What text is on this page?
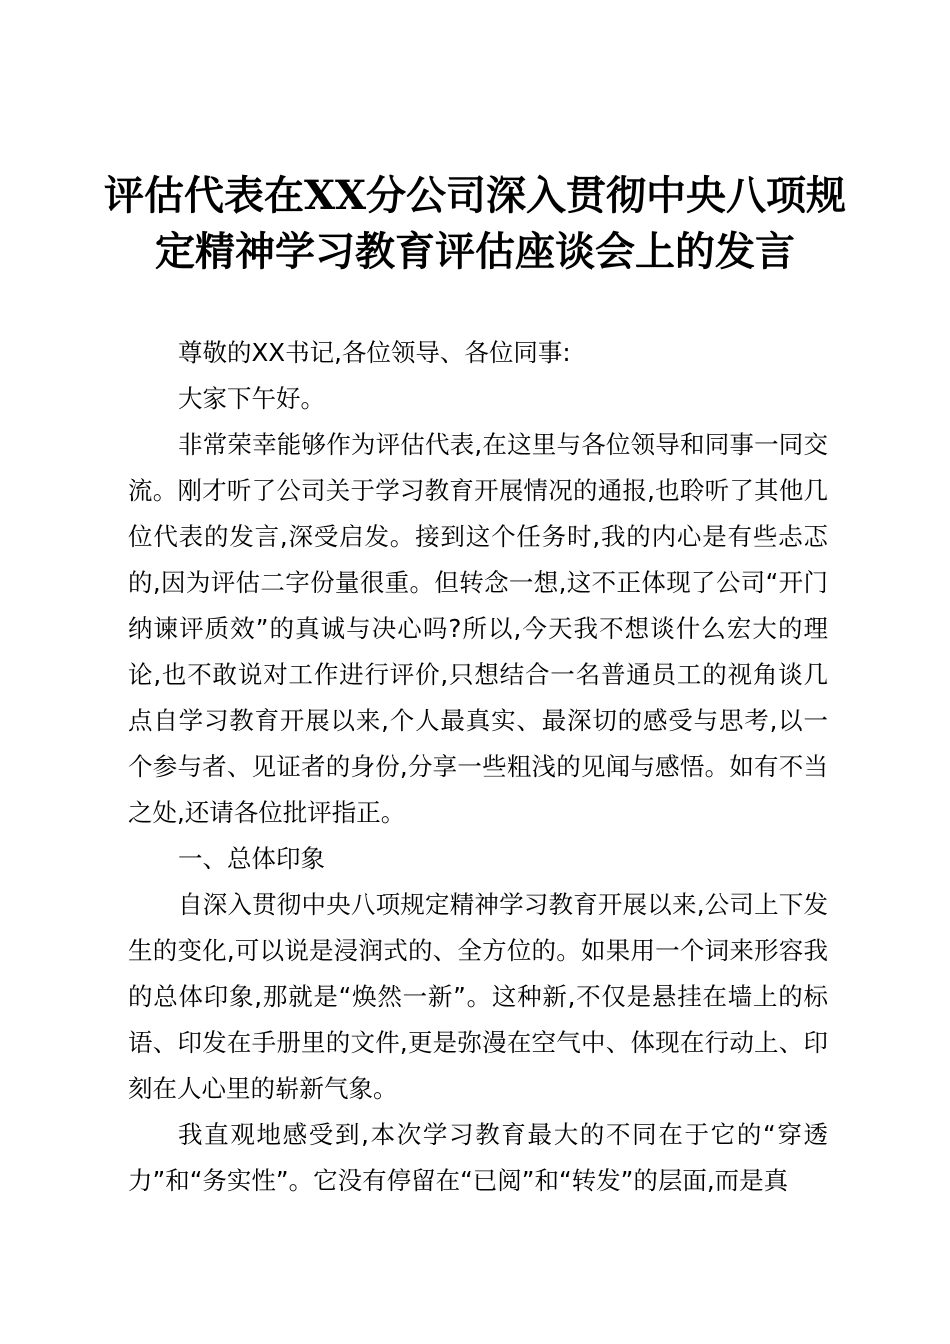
评估代表在XX分公司深入贯彻中央八项规定精神学习教育评估座谈会上的发言

尊敬的XX书记,各位领导、各位同事:

大家下午好。

非常荣幸能够作为评估代表,在这里与各位领导和同事一同交流。刚才听了公司关于学习教育开展情况的通报,也聆听了其他几位代表的发言,深受启发。接到这个任务时,我的内心是有些忐忑的,因为评估二字份量很重。但转念一想,这不正体现了公司“开门纳谏评质效”的真诚与决心吗?所以,今天我不想谈什么宏大的理论,也不敢说对工作进行评价,只想结合一名普通员工的视角谈几点自学习教育开展以来,个人最真实、最深切的感受与思考,以一个参与者、见证者的身份,分享一些粗浅的见闻与感悟。如有不当之处,还请各位批评指正。

一、总体印象

自深入贯彻中央八项规定精神学习教育开展以来,公司上下发生的变化,可以说是浸润式的、全方位的。如果用一个词来形容我的总体印象,那就是“焕然一新”。这种新,不仅是悬挂在墙上的标语、印发在手册里的文件,更是弥漫在空气中、体现在行动上、印刻在人心里的崭新气象。

我直观地感受到,本次学习教育最大的不同在于它的“穿透力”和“务实性”。它没有停留在“已阅”和“转发”的层面,而是真
